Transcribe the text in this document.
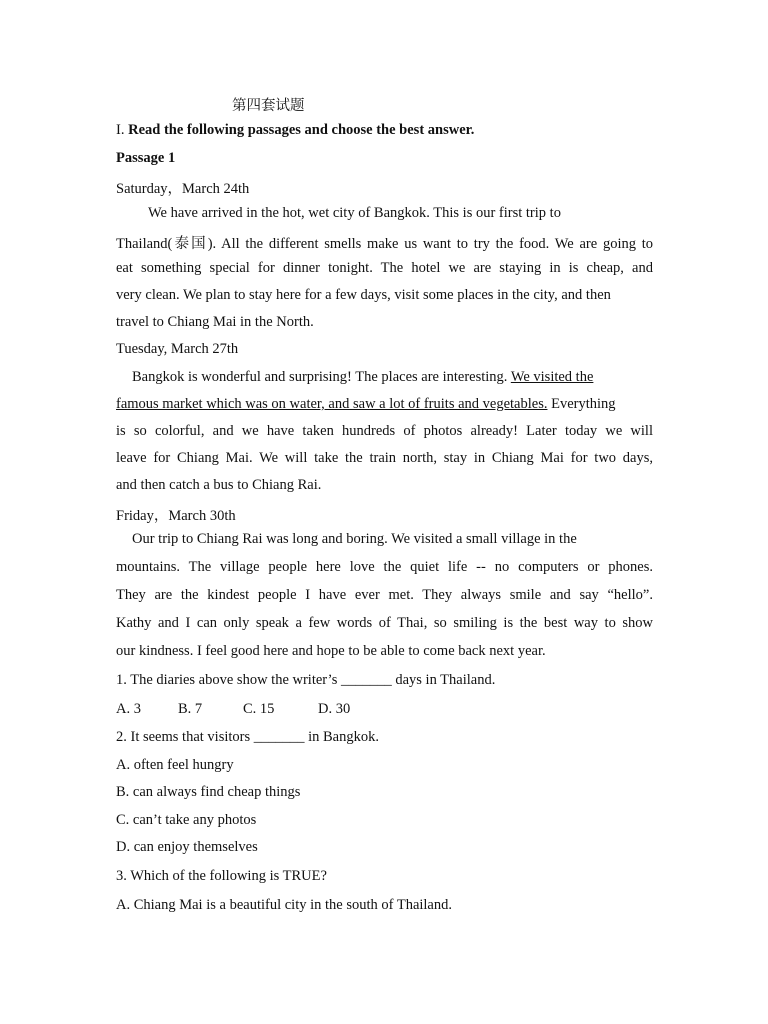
第四套试题
I. Read the following passages and choose the best answer.
Passage 1
Saturday，March 24th
We have arrived in the hot, wet city of Bangkok. This is our first trip to
Thailand(泰国). All the different smells make us want to try the food. We are going to
eat something special for dinner tonight. The hotel we are staying in is cheap, and
very clean. We plan to stay here for a few days, visit some places in the city, and then
travel to Chiang Mai in the North.
Tuesday, March 27th
Bangkok is wonderful and surprising! The places are interesting. We visited the
famous market which was on water, and saw a lot of fruits and vegetables. Everything
is so colorful, and we have taken hundreds of photos already! Later today we will
leave for Chiang Mai. We will take the train north, stay in Chiang Mai for two days,
and then catch a bus to Chiang Rai.
Friday，March 30th
Our trip to Chiang Rai was long and boring. We visited a small village in the
mountains. The village people here love the quiet life -- no computers or phones.
They are the kindest people I have ever met. They always smile and say “hello”.
Kathy and I can only speak a few words of Thai, so smiling is the best way to show
our kindness. I feel good here and hope to be able to come back next year.
1. The diaries above show the writer’s _______ days in Thailand.
A. 3	B. 7	C. 15	D. 30
2. It seems that visitors _______ in Bangkok.
A. often feel hungry
B. can always find cheap things
C. can’t take any photos
D. can enjoy themselves
3. Which of the following is TRUE?
A. Chiang Mai is a beautiful city in the south of Thailand.
